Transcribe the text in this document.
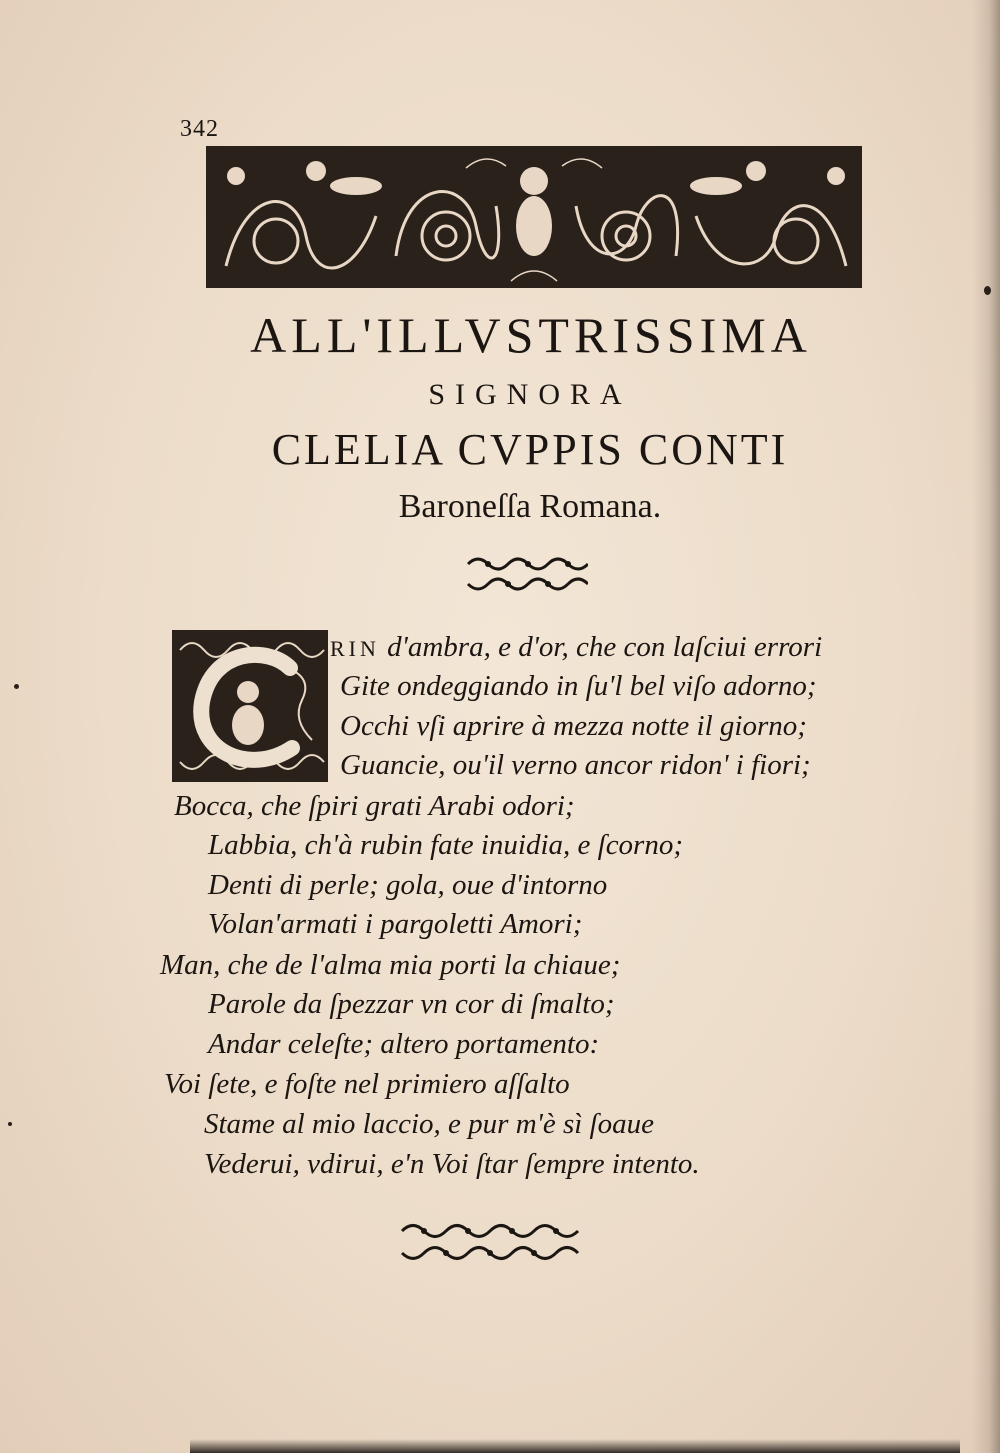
342
ALL'ILLVSTRISSIMA
SIGNORA
CLELIA CVPPIS CONTI
Baroneſſa Romana.
RIN d'ambra, e d'or, che con laſciui errori
Gite ondeggiando in ſu'l bel viſo adorno;
Occhi vſi aprire à mezza notte il giorno;
Guancie, ou'il verno ancor ridon' i fiori;
Bocca, che ſpiri grati Arabi odori;
Labbia, ch'à rubin fate inuidia, e ſcorno;
Denti di perle; gola, oue d'intorno
Volan'armati i pargoletti Amori;
Man, che de l'alma mia porti la chiaue;
Parole da ſpezzar vn cor di ſmalto;
Andar celeſte; altero portamento:
Voi ſete, e foſte nel primiero aſſalto
Stame al mio laccio, e pur m'è sì ſoaue
Vederui, vdirui, e'n Voi ſtar ſempre intento.
